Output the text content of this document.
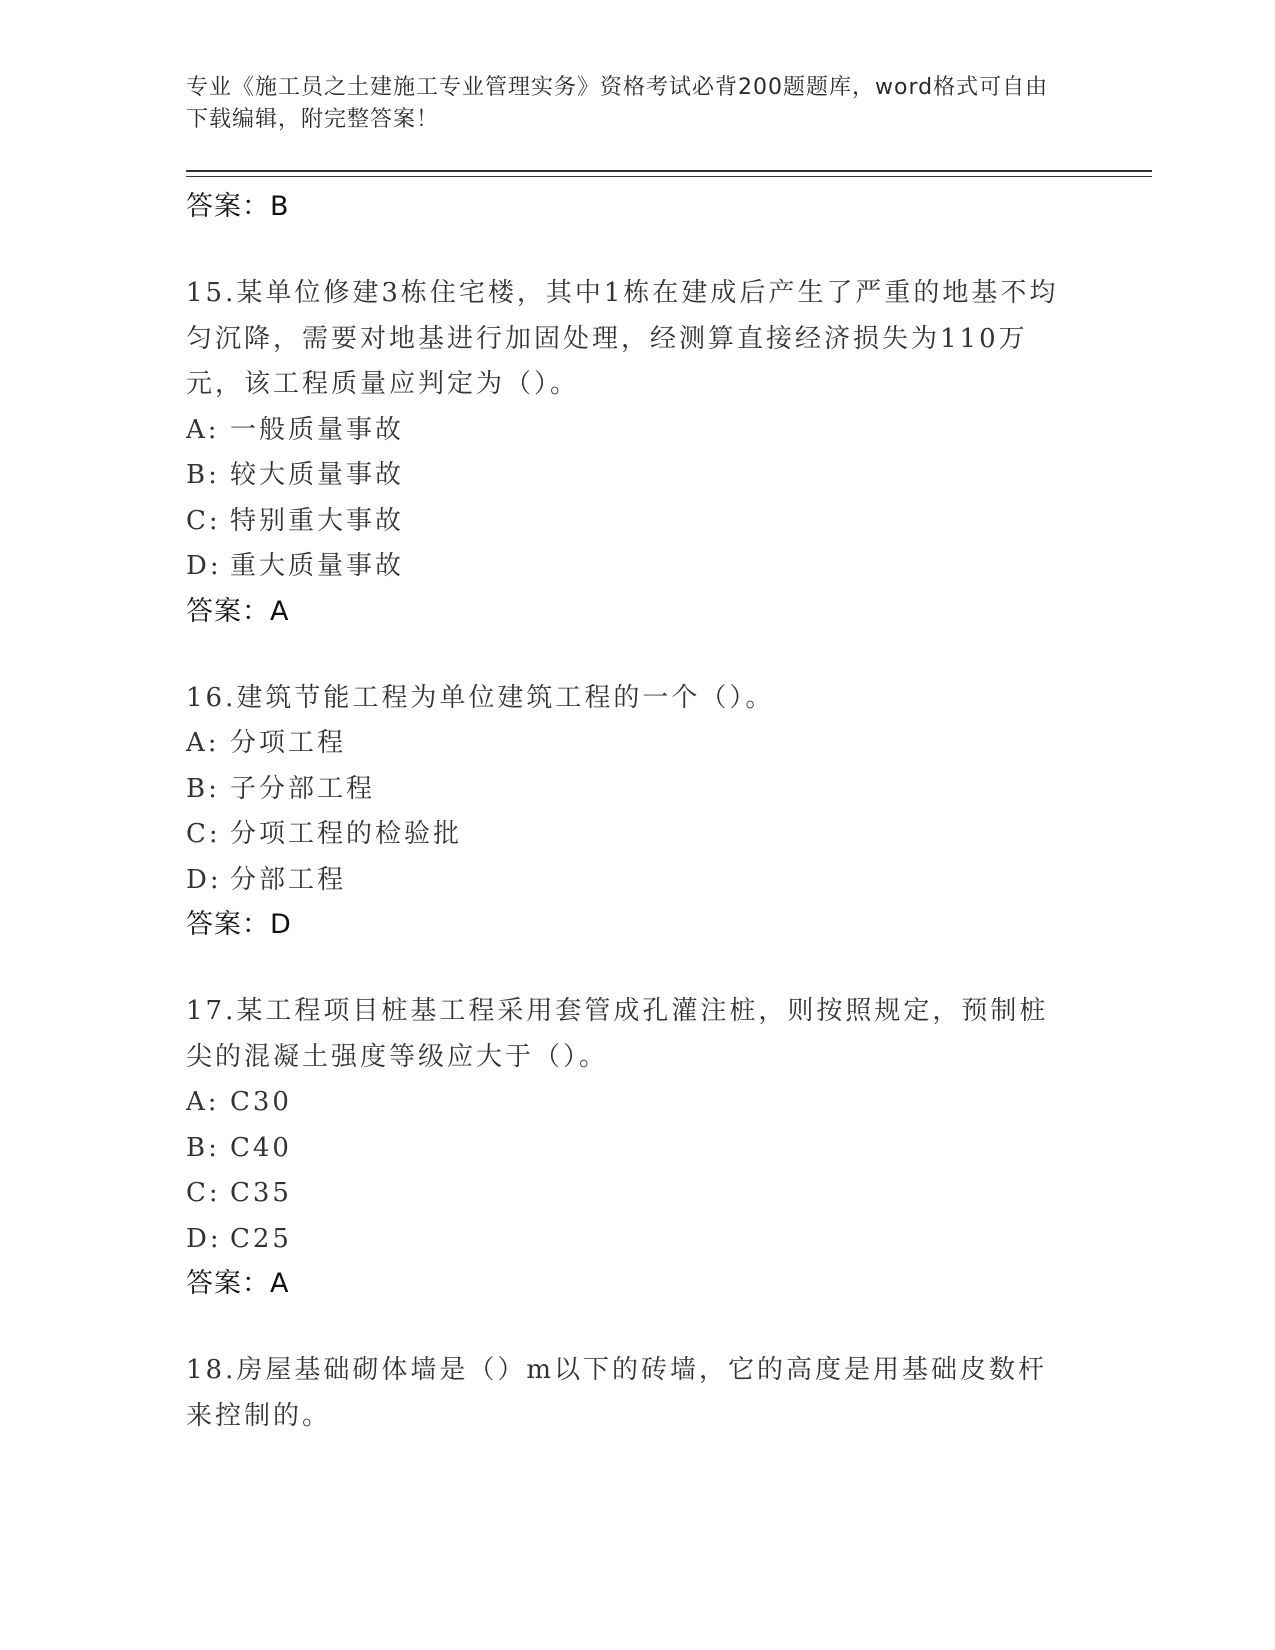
专业《施工员之土建施工专业管理实务》资格考试必背200题题库，word格式可自由下载编辑，附完整答案！
答案：B
15.某单位修建3栋住宅楼，其中1栋在建成后产生了严重的地基不均匀沉降，需要对地基进行加固处理，经测算直接经济损失为110万元，该工程质量应判定为（）。
A: 一般质量事故
B: 较大质量事故
C: 特别重大事故
D: 重大质量事故
答案：A
16.建筑节能工程为单位建筑工程的一个（）。
A: 分项工程
B: 子分部工程
C: 分项工程的检验批
D: 分部工程
答案：D
17.某工程项目桩基工程采用套管成孔灌注桩，则按照规定，预制桩尖的混凝土强度等级应大于（）。
A: C30
B: C40
C: C35
D: C25
答案：A
18.房屋基础砌体墙是（）m以下的砖墙，它的高度是用基础皮数杆来控制的。
